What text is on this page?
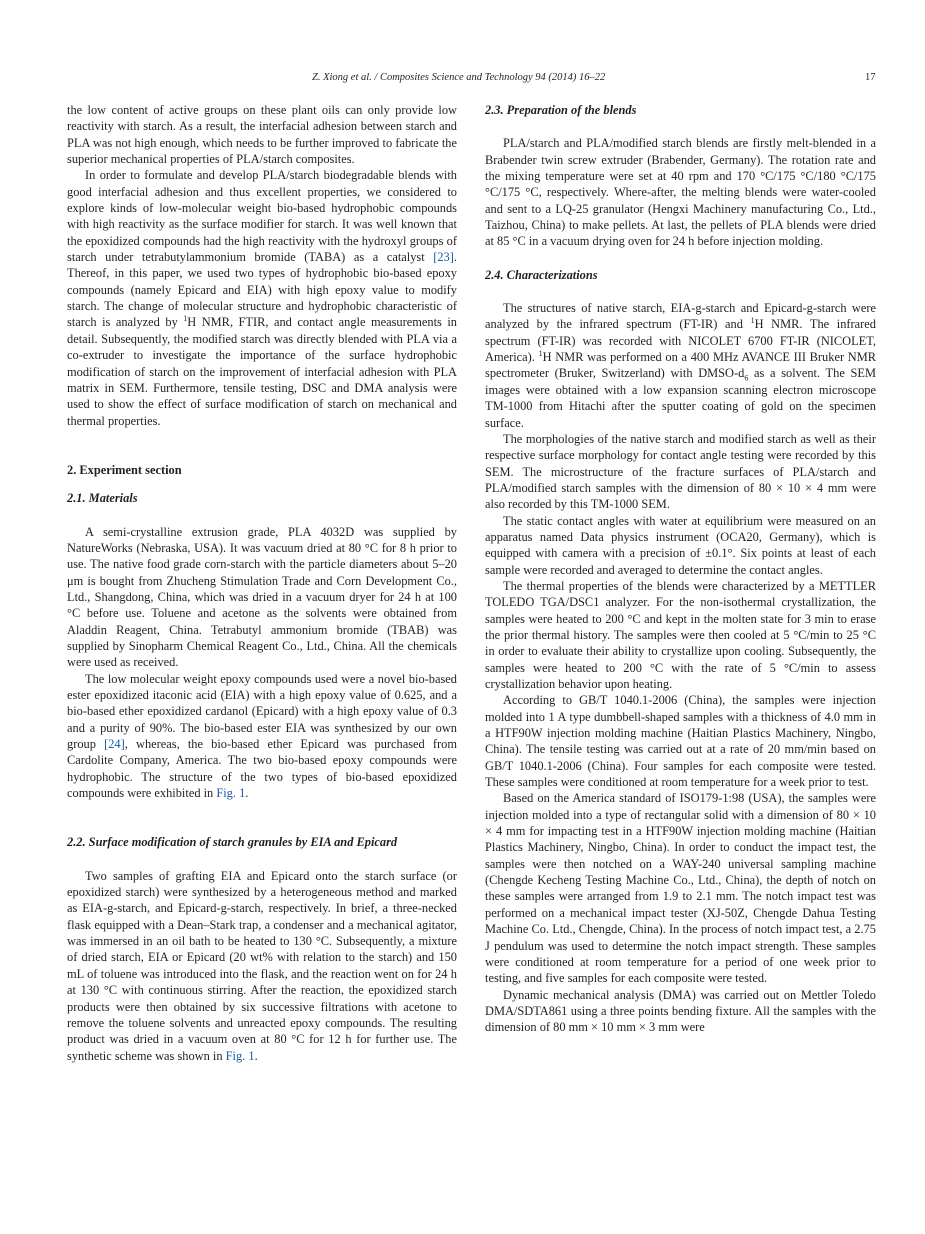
Z. Xiong et al. / Composites Science and Technology 94 (2014) 16–22	17

the low content of active groups on these plant oils can only provide low reactivity with starch. As a result, the interfacial adhesion between starch and PLA was not high enough, which needs to be further improved to fabricate the superior mechanical properties of PLA/starch composites.

In order to formulate and develop PLA/starch biodegradable blends with good interfacial adhesion and thus excellent properties, we considered to explore kinds of low-molecular weight bio-based hydrophobic compounds with high reactivity as the surface modifier for starch. It was well known that the epoxidized compounds had the high reactivity with the hydroxyl groups of starch under tetrabutylammonium bromide (TABA) as a catalyst [23]. Thereof, in this paper, we used two types of hydrophobic bio-based epoxy compounds (namely Epicard and EIA) with high epoxy value to modify starch. The change of molecular structure and hydrophobic characteristic of starch is analyzed by $^1$H NMR, FTIR, and contact angle measurements in detail. Subsequently, the modified starch was directly blended with PLA via a co-extruder to investigate the importance of the surface hydrophobic modification of starch on the improvement of interfacial adhesion with PLA matrix in SEM. Furthermore, tensile testing, DSC and DMA analysis were used to show the effect of surface modification of starch on mechanical and thermal properties.

2. Experiment section
2.1. Materials

A semi-crystalline extrusion grade, PLA 4032D was supplied by NatureWorks (Nebraska, USA). It was vacuum dried at 80 °C for 8 h prior to use. The native food grade corn-starch with the particle diameters about 5–20 μm is bought from Zhucheng Stimulation Trade and Corn Development Co., Ltd., Shangdong, China, which was dried in a vacuum dryer for 24 h at 100 °C before use. Toluene and acetone as the solvents were obtained from Aladdin Reagent, China. Tetrabutyl ammonium bromide (TBAB) was supplied by Sinopharm Chemical Reagent Co., Ltd., China. All the chemicals were used as received.

The low molecular weight epoxy compounds used were a novel bio-based ester epoxidized itaconic acid (EIA) with a high epoxy value of 0.625, and a bio-based ether epoxidized cardanol (Epicard) with a high epoxy value of 0.3 and a purity of 90%. The bio-based ester EIA was synthesized by our own group [24], whereas, the bio-based ether Epicard was purchased from Cardolite Company, America. The two bio-based epoxy compounds were hydrophobic. The structure of the two types of bio-based epoxidized compounds were exhibited in Fig. 1.

2.2. Surface modification of starch granules by EIA and Epicard

Two samples of grafting EIA and Epicard onto the starch surface (or epoxidized starch) were synthesized by a heterogeneous method and marked as EIA-g-starch, and Epicard-g-starch, respectively. In brief, a three-necked flask equipped with a Dean–Stark trap, a condenser and a mechanical agitator, was immersed in an oil bath to be heated to 130 °C. Subsequently, a mixture of dried starch, EIA or Epicard (20 wt% with relation to the starch) and 150 mL of toluene was introduced into the flask, and the reaction went on for 24 h at 130 °C with continuous stirring. After the reaction, the epoxidized starch products were then obtained by six successive filtrations with acetone to remove the toluene solvents and unreacted epoxy compounds. The resulting product was dried in a vacuum oven at 80 °C for 12 h for further use. The synthetic scheme was shown in Fig. 1.

2.3. Preparation of the blends

PLA/starch and PLA/modified starch blends are firstly melt-blended in a Brabender twin screw extruder (Brabender, Germany). The rotation rate and the mixing temperature were set at 40 rpm and 170 °C/175 °C/180 °C/175 °C/175 °C, respectively. Where-after, the melting blends were water-cooled and sent to a LQ-25 granulator (Hengxi Machinery manufacturing Co., Ltd., Taizhou, China) to make pellets. At last, the pellets of PLA blends were dried at 85 °C in a vacuum drying oven for 24 h before injection molding.

2.4. Characterizations

The structures of native starch, EIA-g-starch and Epicard-g-starch were analyzed by the infrared spectrum (FT-IR) and $^1$H NMR. The infrared spectrum (FT-IR) was recorded with NICOLET 6700 FT-IR (NICOLET, America). $^1$H NMR was performed on a 400 MHz AVANCE III Bruker NMR spectrometer (Bruker, Switzerland) with DMSO-$d_6$ as a solvent. The SEM images were obtained with a low expansion scanning electron microscope TM-1000 from Hitachi after the sputter coating of gold on the specimen surface.

The morphologies of the native starch and modified starch as well as their respective surface morphology for contact angle testing were recorded by this SEM. The microstructure of the fracture surfaces of PLA/starch and PLA/modified starch samples with the dimension of 80 × 10 × 4 mm were also recorded by this TM-1000 SEM.

The static contact angles with water at equilibrium were measured on an apparatus named Data physics instrument (OCA20, Germany), which is equipped with camera with a precision of ±0.1°. Six points at least of each sample were recorded and averaged to determine the contact angles.

The thermal properties of the blends were characterized by a METTLER TOLEDO TGA/DSC1 analyzer. For the non-isothermal crystallization, the samples were heated to 200 °C and kept in the molten state for 3 min to erase the prior thermal history. The samples were then cooled at 5 °C/min to 25 °C in order to evaluate their ability to crystallize upon cooling. Subsequently, the samples were heated to 200 °C with the rate of 5 °C/min to assess crystallization behavior upon heating.

According to GB/T 1040.1-2006 (China), the samples were injection molded into 1 A type dumbbell-shaped samples with a thickness of 4.0 mm in a HTF90W injection molding machine (Haitian Plastics Machinery, Ningbo, China). The tensile testing was carried out at a rate of 20 mm/min based on GB/T 1040.1-2006 (China). Four samples for each composite were tested. These samples were conditioned at room temperature for a week prior to test.

Based on the America standard of ISO179-1:98 (USA), the samples were injection molded into a type of rectangular solid with a dimension of 80 × 10 × 4 mm for impacting test in a HTF90W injection molding machine (Haitian Plastics Machinery, Ningbo, China). In order to conduct the impact test, the samples were then notched on a WAY-240 universal sampling machine (Chengde Kecheng Testing Machine Co., Ltd., China), the depth of notch on these samples were arranged from 1.9 to 2.1 mm. The notch impact test was performed on a mechanical impact tester (XJ-50Z, Chengde Dahua Testing Machine Co. Ltd., Chengde, China). In the process of notch impact test, a 2.75 J pendulum was used to determine the notch impact strength. These samples were conditioned at room temperature for a period of one week prior to testing, and five samples for each composite were tested.

Dynamic mechanical analysis (DMA) was carried out on Mettler Toledo DMA/SDTA861 using a three points bending fixture. All the samples with the dimension of 80 mm × 10 mm × 3 mm were
